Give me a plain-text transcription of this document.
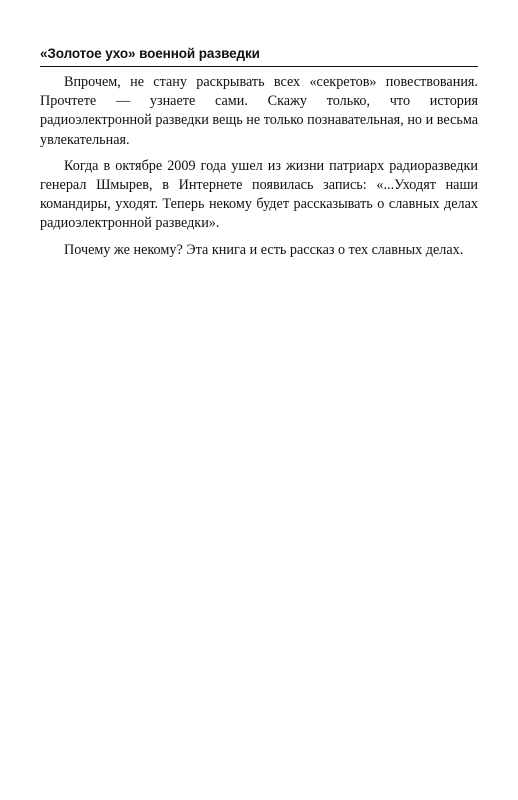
«Золотое ухо» военной разведки

Впрочем, не стану раскрывать всех «секретов» повествования. Прочтете — узнаете сами. Скажу только, что история радиоэлектронной разведки вещь не только познавательная, но и весьма увлекательная.

Когда в октябре 2009 года ушел из жизни патриарх радиоразведки генерал Шмырев, в Интернете появилась запись: «...Уходят наши командиры, уходят. Теперь некому будет рассказывать о славных делах радиоэлектронной разведки».

Почему же некому? Эта книга и есть рассказ о тех славных делах.
